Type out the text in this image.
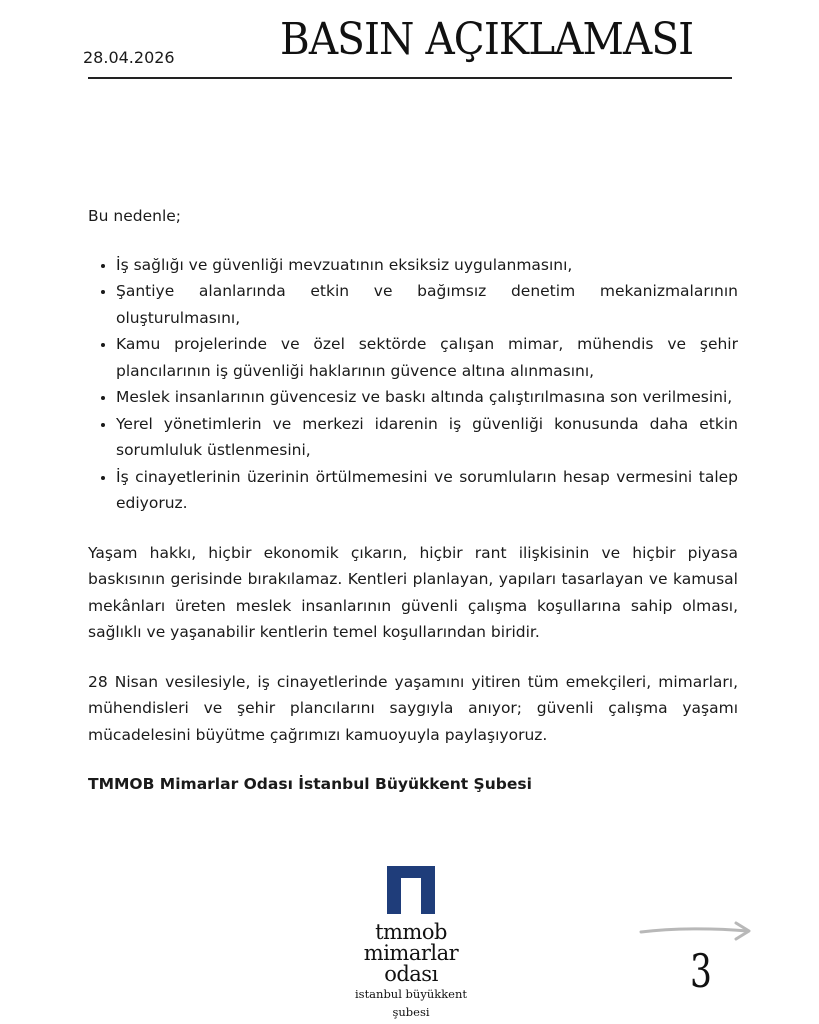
28.04.2026 BASIN AÇIKLAMASI

Bu nedenle;

• İş sağlığı ve güvenliği mevzuatının eksiksiz uygulanmasını,
• Şantiye alanlarında etkin ve bağımsız denetim mekanizmalarının oluşturulmasını,
• Kamu projelerinde ve özel sektörde çalışan mimar, mühendis ve şehir plancılarının iş güvenliği haklarının güvence altına alınmasını,
• Meslek insanlarının güvencesiz ve baskı altında çalıştırılmasına son verilmesini,
• Yerel yönetimlerin ve merkezi idarenin iş güvenliği konusunda daha etkin sorumluluk üstlenmesini,
• İş cinayetlerinin üzerinin örtülmemesini ve sorumluların hesap vermesini talep ediyoruz.

Yaşam hakkı, hiçbir ekonomik çıkarın, hiçbir rant ilişkisinin ve hiçbir piyasa baskısının gerisinde bırakılamaz. Kentleri planlayan, yapıları tasarlayan ve kamusal mekânları üreten meslek insanlarının güvenli çalışma koşullarına sahip olması, sağlıklı ve yaşanabilir kentlerin temel koşullarından biridir.

28 Nisan vesilesiyle, iş cinayetlerinde yaşamını yitiren tüm emekçileri, mimarları, mühendisleri ve şehir plancılarını saygıyla anıyor; güvenli çalışma yaşamı mücadelesini büyütme çağrımızı kamuoyuyla paylaşıyoruz.

TMMOB Mimarlar Odası İstanbul Büyükkent Şubesi

tmmob
mimarlar
odası
istanbul büyükkent şubesi
3
